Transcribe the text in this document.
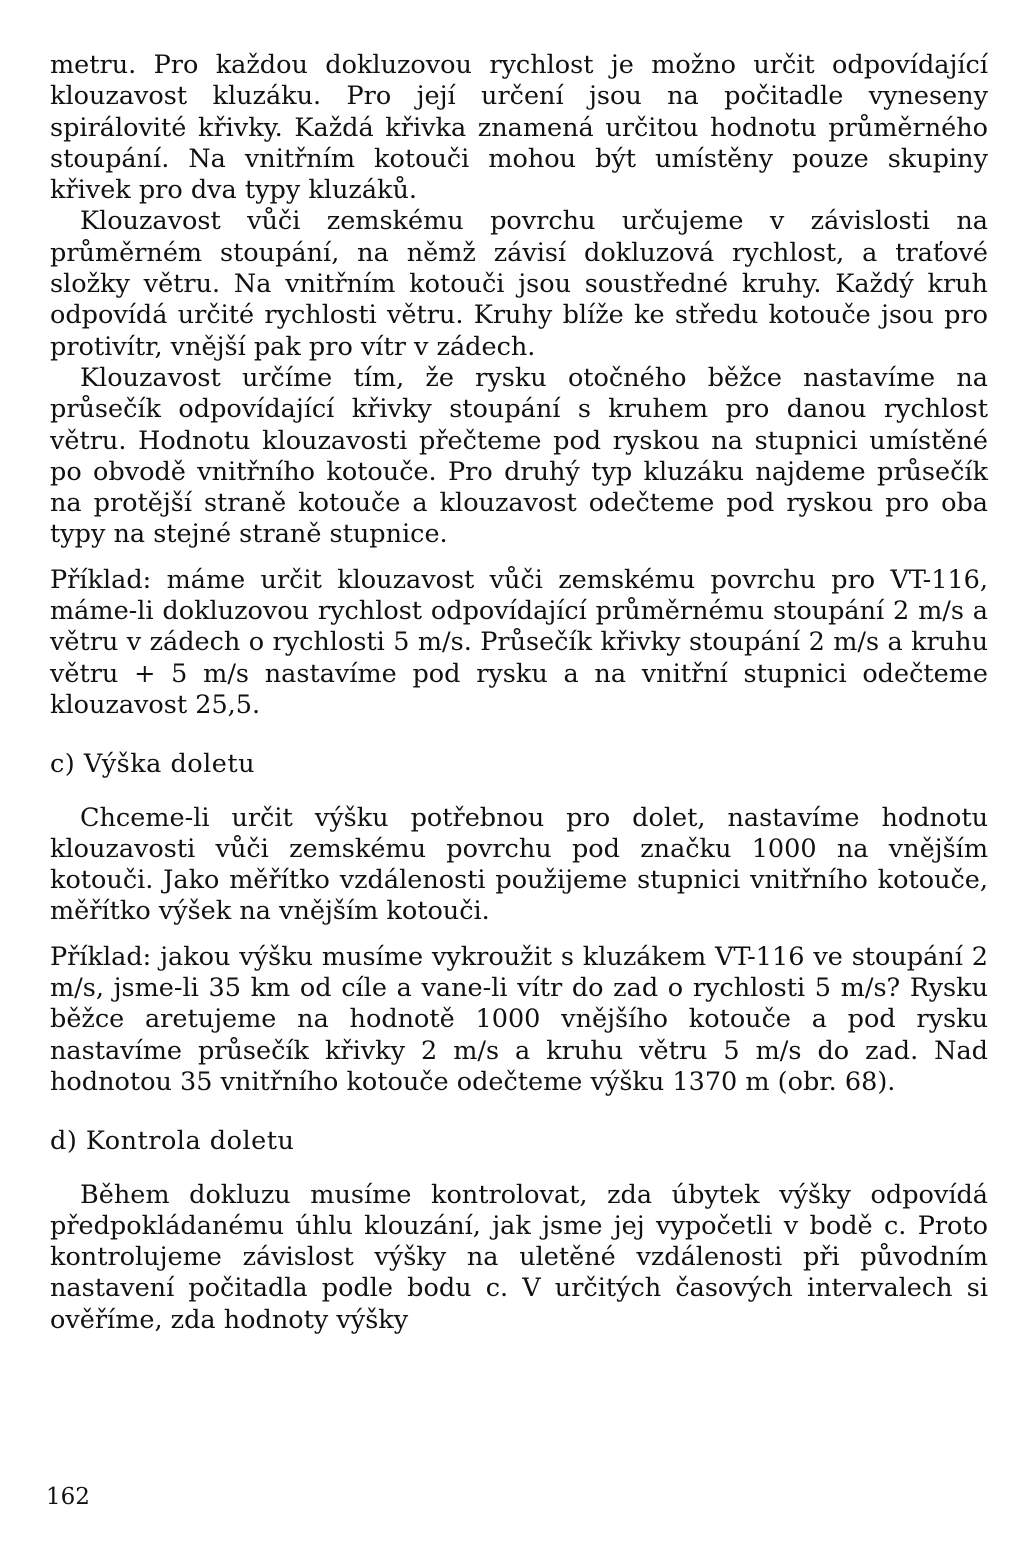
metru. Pro každou dokluzovou rychlost je možno určit odpovídající klouzavost kluzáku. Pro její určení jsou na počitadle vyneseny spirálovité křivky. Každá křivka znamená určitou hodnotu průměrného stoupání. Na vnitřním kotouči mohou být umístěny pouze skupiny křivek pro dva typy kluzáků.

Klouzavost vůči zemskému povrchu určujeme v závislosti na průměrném stoupání, na němž závisí dokluzová rychlost, a traťové složky větru. Na vnitřním kotouči jsou soustředné kruhy. Každý kruh odpovídá určité rychlosti větru. Kruhy blíže ke středu kotouče jsou pro protivítr, vnější pak pro vítr v zádech.

Klouzavost určíme tím, že rysku otočného běžce nastavíme na průsečík odpovídající křivky stoupání s kruhem pro danou rychlost větru. Hodnotu klouzavosti přečteme pod ryskou na stupnici umístěné po obvodě vnitřního kotouče. Pro druhý typ kluzáku najdeme průsečík na protější straně kotouče a klouzavost odečteme pod ryskou pro oba typy na stejné straně stupnice.

Příklad: máme určit klouzavost vůči zemskému povrchu pro VT-116, máme-li dokluzovou rychlost odpovídající průměrnému stoupání 2 m/s a větru v zádech o rychlosti 5 m/s. Průsečík křivky stoupání 2 m/s a kruhu větru + 5 m/s nastavíme pod rysku a na vnitřní stupnici odečteme klouzavost 25,5.

c) Výška doletu

Chceme-li určit výšku potřebnou pro dolet, nastavíme hodnotu klouzavosti vůči zemskému povrchu pod značku 1000 na vnějším kotouči. Jako měřítko vzdálenosti použijeme stupnici vnitřního kotouče, měřítko výšek na vnějším kotouči.

Příklad: jakou výšku musíme vykroužit s kluzákem VT-116 ve stoupání 2 m/s, jsme-li 35 km od cíle a vane-li vítr do zad o rychlosti 5 m/s? Rysku běžce aretujeme na hodnotě 1000 vnějšího kotouče a pod rysku nastavíme průsečík křivky 2 m/s a kruhu větru 5 m/s do zad. Nad hodnotou 35 vnitřního kotouče odečteme výšku 1370 m (obr. 68).

d) Kontrola doletu

Během dokluzu musíme kontrolovat, zda úbytek výšky odpovídá předpokládanému úhlu klouzání, jak jsme jej vypočetli v bodě c. Proto kontrolujeme závislost výšky na uletěné vzdálenosti při původním nastavení počitadla podle bodu c. V určitých časových intervalech si ověříme, zda hodnoty výšky

162
